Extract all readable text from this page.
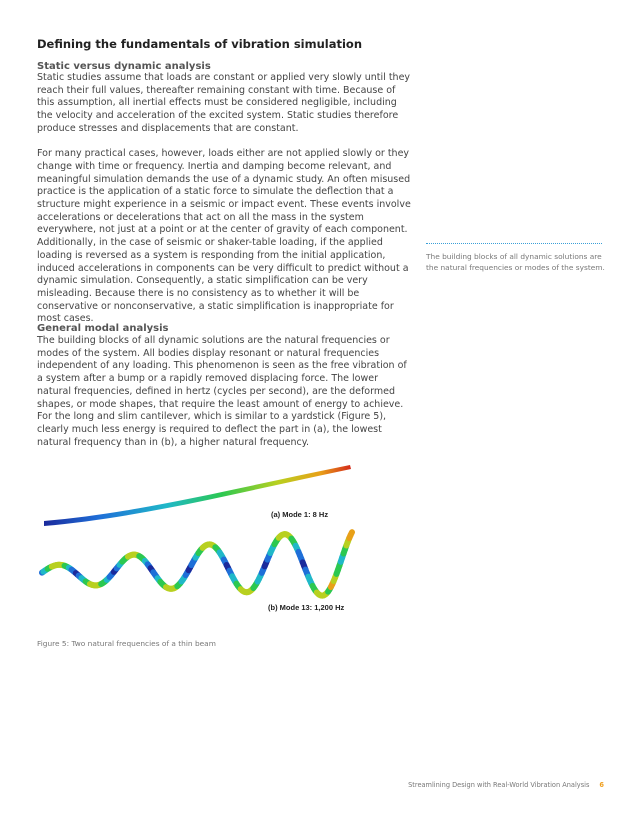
Defining the fundamentals of vibration simulation
Static versus dynamic analysis

Static studies assume that loads are constant or applied very slowly until they reach their full values, thereafter remaining constant with time. Because of this assumption, all inertial effects must be considered negligible, including the velocity and acceleration of the excited system. Static studies therefore produce stresses and displacements that are constant.

For many practical cases, however, loads either are not applied slowly or they change with time or frequency. Inertia and damping become relevant, and meaningful simulation demands the use of a dynamic study. An often misused practice is the application of a static force to simulate the deflection that a structure might experience in a seismic or impact event. These events involve accelerations or decelerations that act on all the mass in the system everywhere, not just at a point or at the center of gravity of each component. Additionally, in the case of seismic or shaker-table loading, if the applied loading is reversed as a system is responding from the initial application, induced accelerations in components can be very difficult to predict without a dynamic simulation. Consequently, a static simplification can be very misleading. Because there is no consistency as to whether it will be conservative or nonconservative, a static simplification is inappropriate for most cases.

General modal analysis

The building blocks of all dynamic solutions are the natural frequencies or modes of the system. All bodies display resonant or natural frequencies independent of any loading. This phenomenon is seen as the free vibration of a system after a bump or a rapidly removed displacing force. The lower natural frequencies, defined in hertz (cycles per second), are the deformed shapes, or mode shapes, that require the least amount of energy to achieve. For the long and slim cantilever, which is similar to a yardstick (Figure 5), clearly much less energy is required to deflect the part in (a), the lowest natural frequency than in (b), a higher natural frequency.

The building blocks of all dynamic solutions are the natural frequencies or modes of the system.
(a) Mode 1: 8 Hz
(b) Mode 13: 1,200 Hz
Figure 5: Two natural frequencies of a thin beam
Streamlining Design with Real-World Vibration Analysis 6
